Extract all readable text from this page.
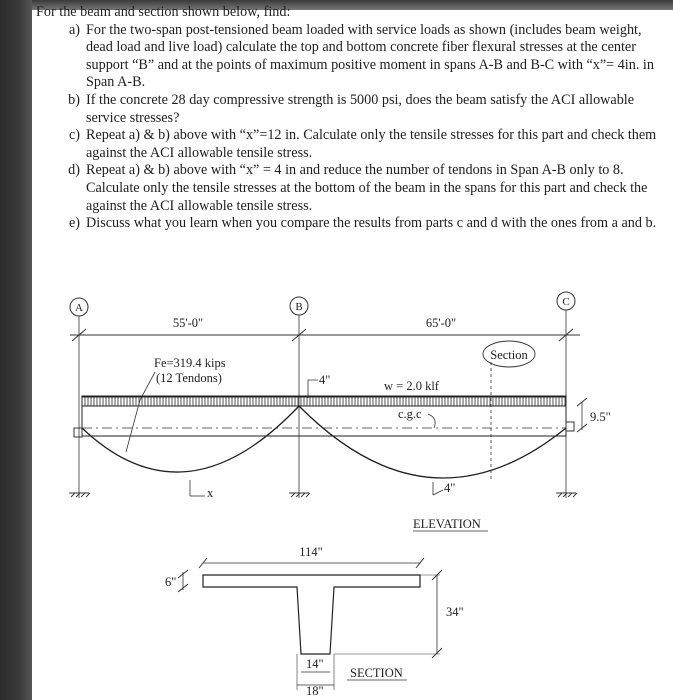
For the beam and section shown below, find:
a) For the two-span post-tensioned beam loaded with service loads as shown (includes beam weight, dead load and live load) calculate the top and bottom concrete fiber flexural stresses at the center support “B” and at the points of maximum positive moment in spans A-B and B-C with “x”= 4in. in Span A-B.
b) If the concrete 28 day compressive strength is 5000 psi, does the beam satisfy the ACI allowable service stresses?
c) Repeat a) & b) above with “x”=12 in. Calculate only the tensile stresses for this part and check them against the ACI allowable tensile stress.
d) Repeat a) & b) above with “x” = 4 in and reduce the number of tendons in Span A-B only to 8. Calculate only the tensile stresses at the bottom of the beam in the spans for this part and check the against the ACI allowable tensile stress.
e) Discuss what you learn when you compare the results from parts c and d with the ones from a and b.
A	B	C
55'-0"	65'-0"
Fe=319.4 kips
(12 Tendons)	4"	w = 2.0 klf
c.g.c
Section
9.5"
x	4"
ELEVATION
114"
6"
34"
14"
18"
SECTION
